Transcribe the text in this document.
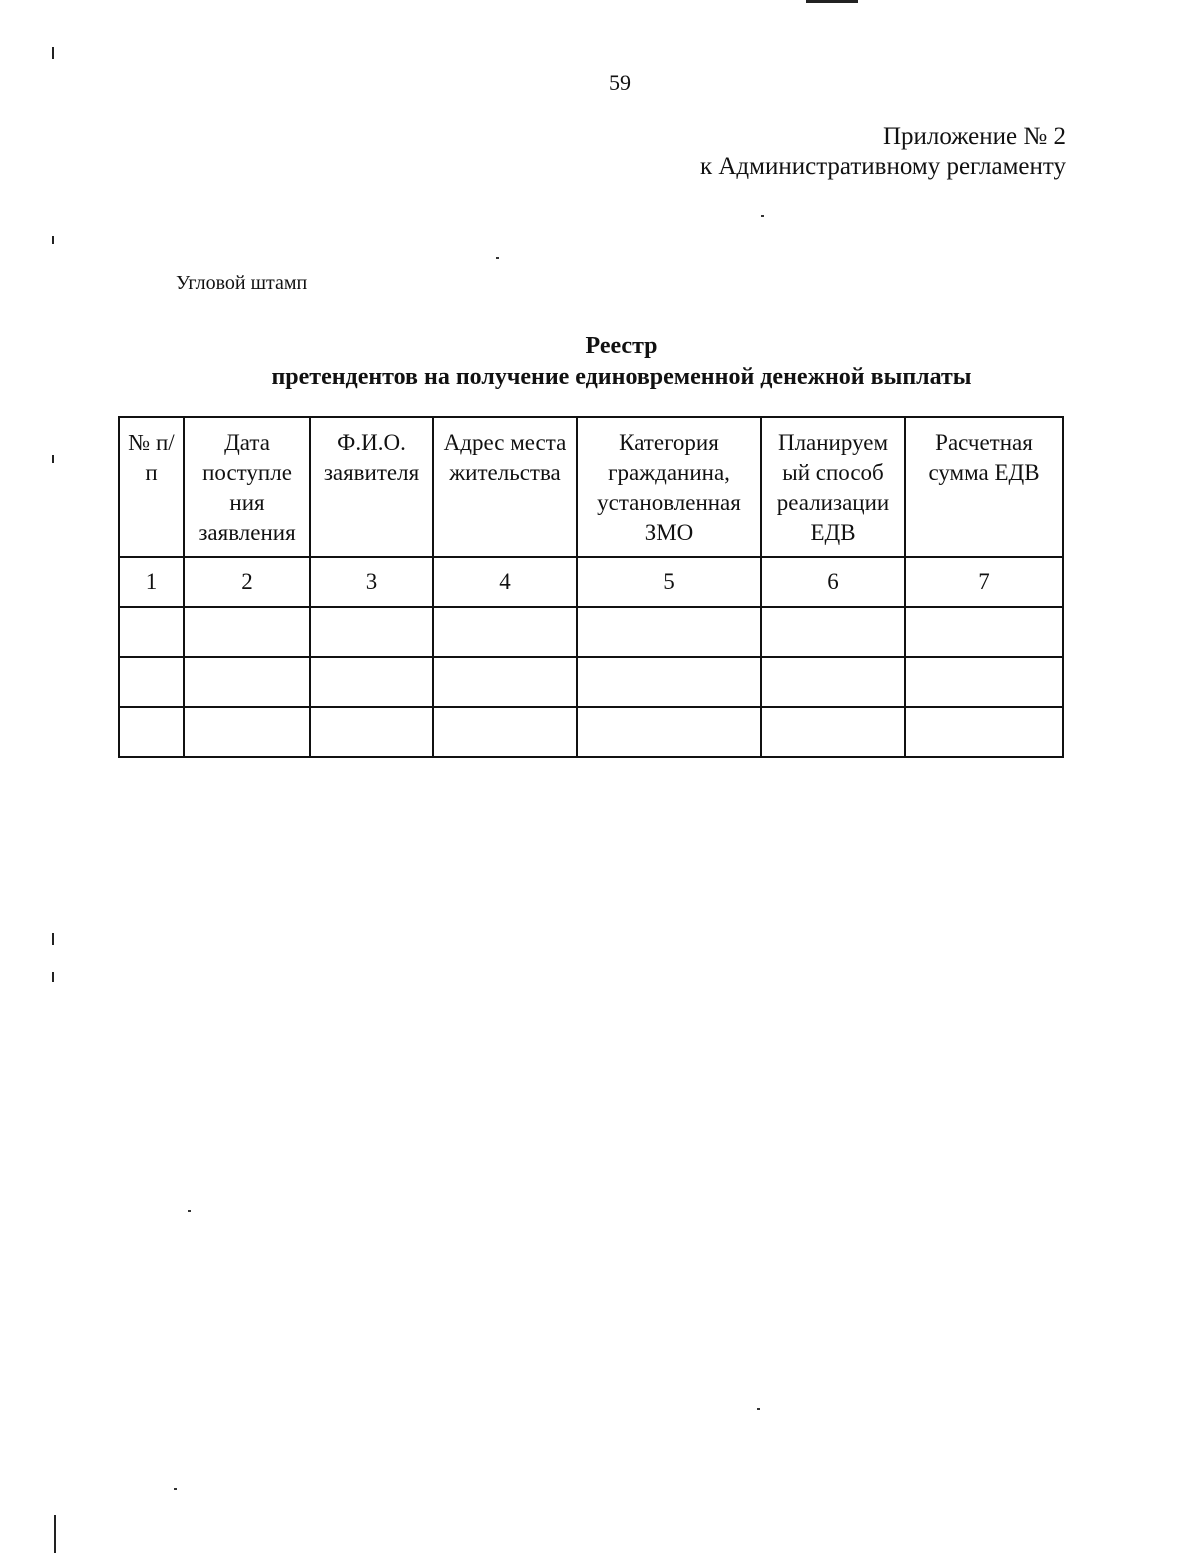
59
Приложение № 2
к Административному регламенту
Угловой штамп
Реестр
претендентов на получение единовременной денежной выплаты
№ п/п	Дата поступле ния заявления	Ф.И.О. заявителя	Адрес места жительства	Категория гражданина, установленная ЗМО	Планируем ый способ реализации ЕДВ	Расчетная сумма ЕДВ
1	2	3	4	5	6	7
